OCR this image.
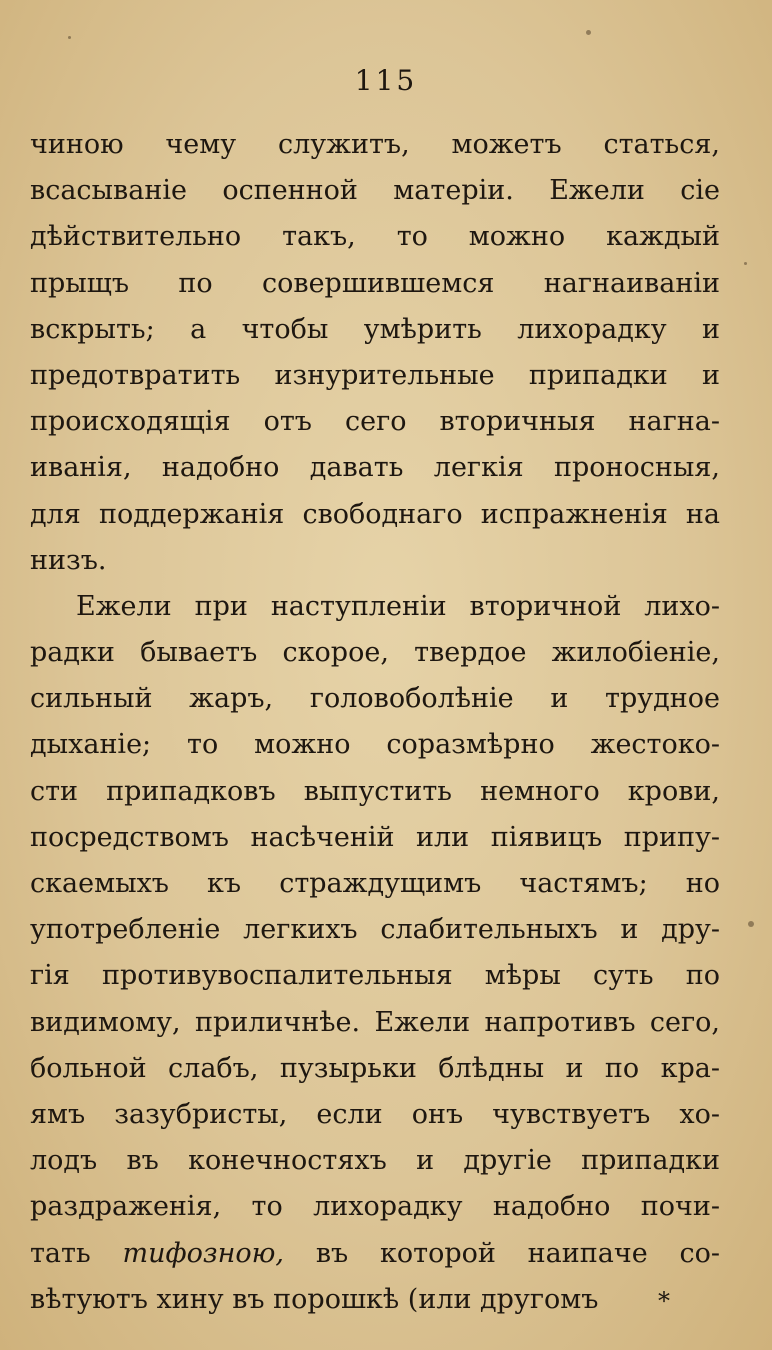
115
чиною чему служитъ, можетъ статься,
всасыванie оспенной матерiи. Ежели сie
дѣйствительно такъ, то можно каждый
прыщъ по совершившемся нагнаиванiи
вскрыть; а чтобы умѣрить лихорадку и
предотвратить изнурительные припадки и
происходящiя отъ сего вторичныя нагна-
иванiя, надобно давать легкiя проносныя,
для поддержанiя свободнаго испражненiя на
низъ.
Ежели при наступленiи вторичной лихо-
радки бываетъ скорое, твердое жилобiенie,
сильный жаръ, головоболѣнie и трудное
дыханie; то можно соразмѣрно жестоко-
сти припадковъ выпустить немного крови,
посредствомъ насѣченiй или пiявицъ припу-
скаемыхъ къ страждущимъ частямъ; но
употребленie легкихъ слабительныхъ и дру-
гiя противувоспалительныя мѣры суть по
видимому, приличнѣе. Ежели напротивъ сего,
больной слабъ, пузырьки блѣдны и по кра-
ямъ зазубристы, если онъ чувствуетъ хо-
лодъ въ конечностяхъ и другie припадки
раздраженiя, то лихорадку надобно почи-
тать тифозною, въ которой наипаче со-
вѣтуютъ хину въ порошкѣ (или другомъ	*
